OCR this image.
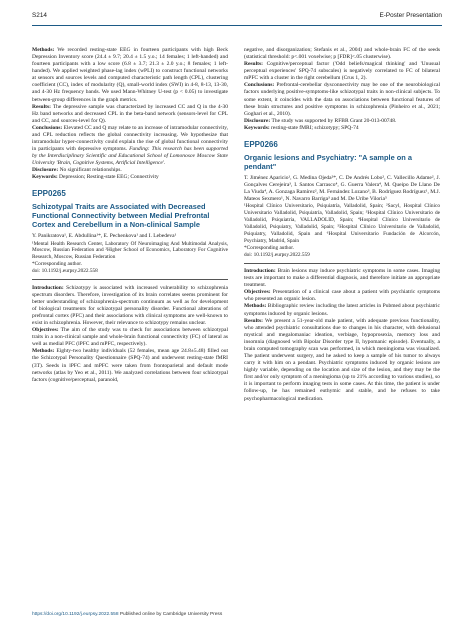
S214	E-Poster Presentation

Methods: We recorded resting-state EEG in fourteen participants with high Beck Depression Inventory score (24.4 ± 9.7; 20.4 ± 1.5 y.o.; 14 females; 1 left-handed) and fourteen participants with a low score (6.8 ± 3.7; 21.3 ± 2.0 y.o.; 8 females; 1 left-handed). We applied weighted phase-lag index (wPLI) to construct functional networks at sensors and sources levels and computed characteristic path length (CPL), clustering coefficient (CC), index of modularity (Q), small-world index (SWI) in 4-8, 8-13, 13-30, and 4-30 Hz frequency bands. We used Mann-Whitney U-test (p < 0.05) to investigate between-group differences in the graph metrics.

Results: The depressive sample was characterized by increased CC and Q in the 4-30 Hz band networks and decreased CPL in the beta-band network (sensors-level for CPL and CC, and sources-level for Q).

Conclusions: Elevated CC and Q may relate to an increase of intramodular connectivity, and CPL reduction reflects the global connectivity increasing. We hypothesize that intramodular hyper-connectivity could explain the rise of global functional connectivity in participants with depressive symptoms. Funding: This research has been supported by the Interdisciplinary Scientific and Educational School of Lomonosov Moscow State University 'Brain, Cognitive Systems, Artificial Intelligence'.

Disclosure: No significant relationships.

Keywords: Depression; Resting-state EEG; Connectivity

EPP0265
Schizotypal Traits are Associated with Decreased Functional Connectivity between Medial Prefrontal Cortex and Cerebellum in a Non-clinical Sample

Y. Panikratova¹, E. Abdullina¹*, E. Pechenkova¹ and I. Lebedeva¹

¹Mental Health Research Center, Laboratory Of Neuroimaging And Multimodal Analysis, Moscow, Russian Federation and ²Higher School of Economics, Laboratory For Cognitive Research, Moscow, Russian Federation

*Corresponding author.

doi: 10.1192/j.eurpsy.2022.558

Introduction: Schizotypy is associated with increased vulnerability to schizophrenia spectrum disorders. Therefore, investigation of its brain correlates seems prominent for better understanding of schizophrenia-spectrum continuum as well as for development of biological treatments for schizotypal personality disorder. Functional alterations of prefrontal cortex (PFC) and their associations with clinical symptoms are well-known to exist in schizophrenia. However, their relevance to schizotypy remains unclear.

Objectives: The aim of the study was to check for associations between schizotypal traits in a non-clinical sample and whole-brain functional connectivity (FC) of lateral as well as medial PFC (lPFC and mPFC, respectively).

Methods: Eighty-two healthy individuals (52 females, mean age 24.8±5.48) filled out the Schizotypal Personality Questionnaire (SPQ-74) and underwent resting-state fMRI (3T). Seeds in lPFC and mPFC were taken from frontoparietal and default mode networks (atlas by Yeo et al., 2011). We analyzed correlations between four schizotypal factors (cognitive/perceptual, paranoid,

negative, and disorganization; Stefanis et al., 2004) and whole-brain FC of the seeds (statistical threshold: p<.001 voxelwise; p [FDR]<.05 clusterwise).

Results: Cognitive/perceptual factor ('Odd beliefs/magical thinking' and 'Unusual perceptual experiences' SPQ-74 subscales) is negatively correlated to FC of bilateral mPFC with a cluster in the right cerebellum (Crus 1, 2).

Conclusions: Prefrontal-cerebellar dysconnectivity may be one of the neurobiological factors underlying positive-symptoms-like schizotypal traits in non-clinical subjects. To some extent, it coincides with the data on associations between functional features of these brain structures and positive symptoms in schizophrenia (Pinheiro et al., 2021; Goghari et al., 2010).

Disclosure: The study was supported by RFBR Grant 20-013-00748.

Keywords: resting-state fMRI; schizotypy; SPQ-74

EPP0266
Organic lesions and Psychiatry: "A sample on a pendant"

T. Jiménez Aparicio¹, G. Medina Ojeda²*, C. De Andrés Lobo², C. Vallecillo Adame², J. Gonçalves Cerejeira³, I. Santos Carrasco⁴, G. Guerra Valera⁴, M. Queipo De Llano De La Viuda⁴, A. Gonzaga Ramírez², M. Fernández Lozano³, B. Rodríguez Rodríguez¹, M.J. Mateos Sexmero¹, N. Navarro Barriga³ and M. De Uribe Viloria⁵

¹Hospital Clínico Universitario, Psiquiatría, Valladolid, Spain; ²Sacyl, Hospital Clínico Universitario Valladolid, Psiquiatría, Valladolid, Spain; ³Hospital Clínico Universitario de Valladolid, Psiquiatría, VALLADOLID, Spain; ⁴Hospital Clínico Universitario de Valladolid, Psiquiatry, Valladolid, Spain; ⁵Hospital Clínico Universitario de Valladolid, Psiquiatry, Valladolid, Spain and ⁶Hospital Universitario Fundación de Alcorcón, Psychiatry, Madrid, Spain

*Corresponding author.

doi: 10.1192/j.eurpsy.2022.559

Introduction: Brain lesions may induce psychiatric symptoms in some cases. Imaging tests are important to make a differential diagnosis, and therefore initiate an appropriate treatment.

Objectives: Presentation of a clinical case about a patient with psychiatric symptoms who presented an organic lesion.

Methods: Bibliographic review including the latest articles in Pubmed about psychiatric symptoms induced by organic lesions.

Results: We present a 51-year-old male patient, with adequate previous functionality, who attended psychiatric consultations due to changes in his character, with delusional mystical and megalomaniac ideation, verbiage, hypoprosexia, memory loss and insomnia (diagnosed with Bipolar Disorder type II, hypomanic episode). Eventually, a brain computed tomography scan was performed, in which meningioma was visualized. The patient underwent surgery, and he asked to keep a sample of his tumor to always carry it with him on a pendant. Psychiatric symptoms induced by organic lesions are highly variable, depending on the location and size of the lesion, and they may be the first and/or only symptom of a meningioma (up to 21% according to various studies), so it is important to perform imaging tests in some cases. At this time, the patient is under follow-up, he has remained euthymic and stable, and he refuses to take psychopharmacological medication.

https://doi.org/10.1192/j.eurpsy.2022.558 Published online by Cambridge University Press
